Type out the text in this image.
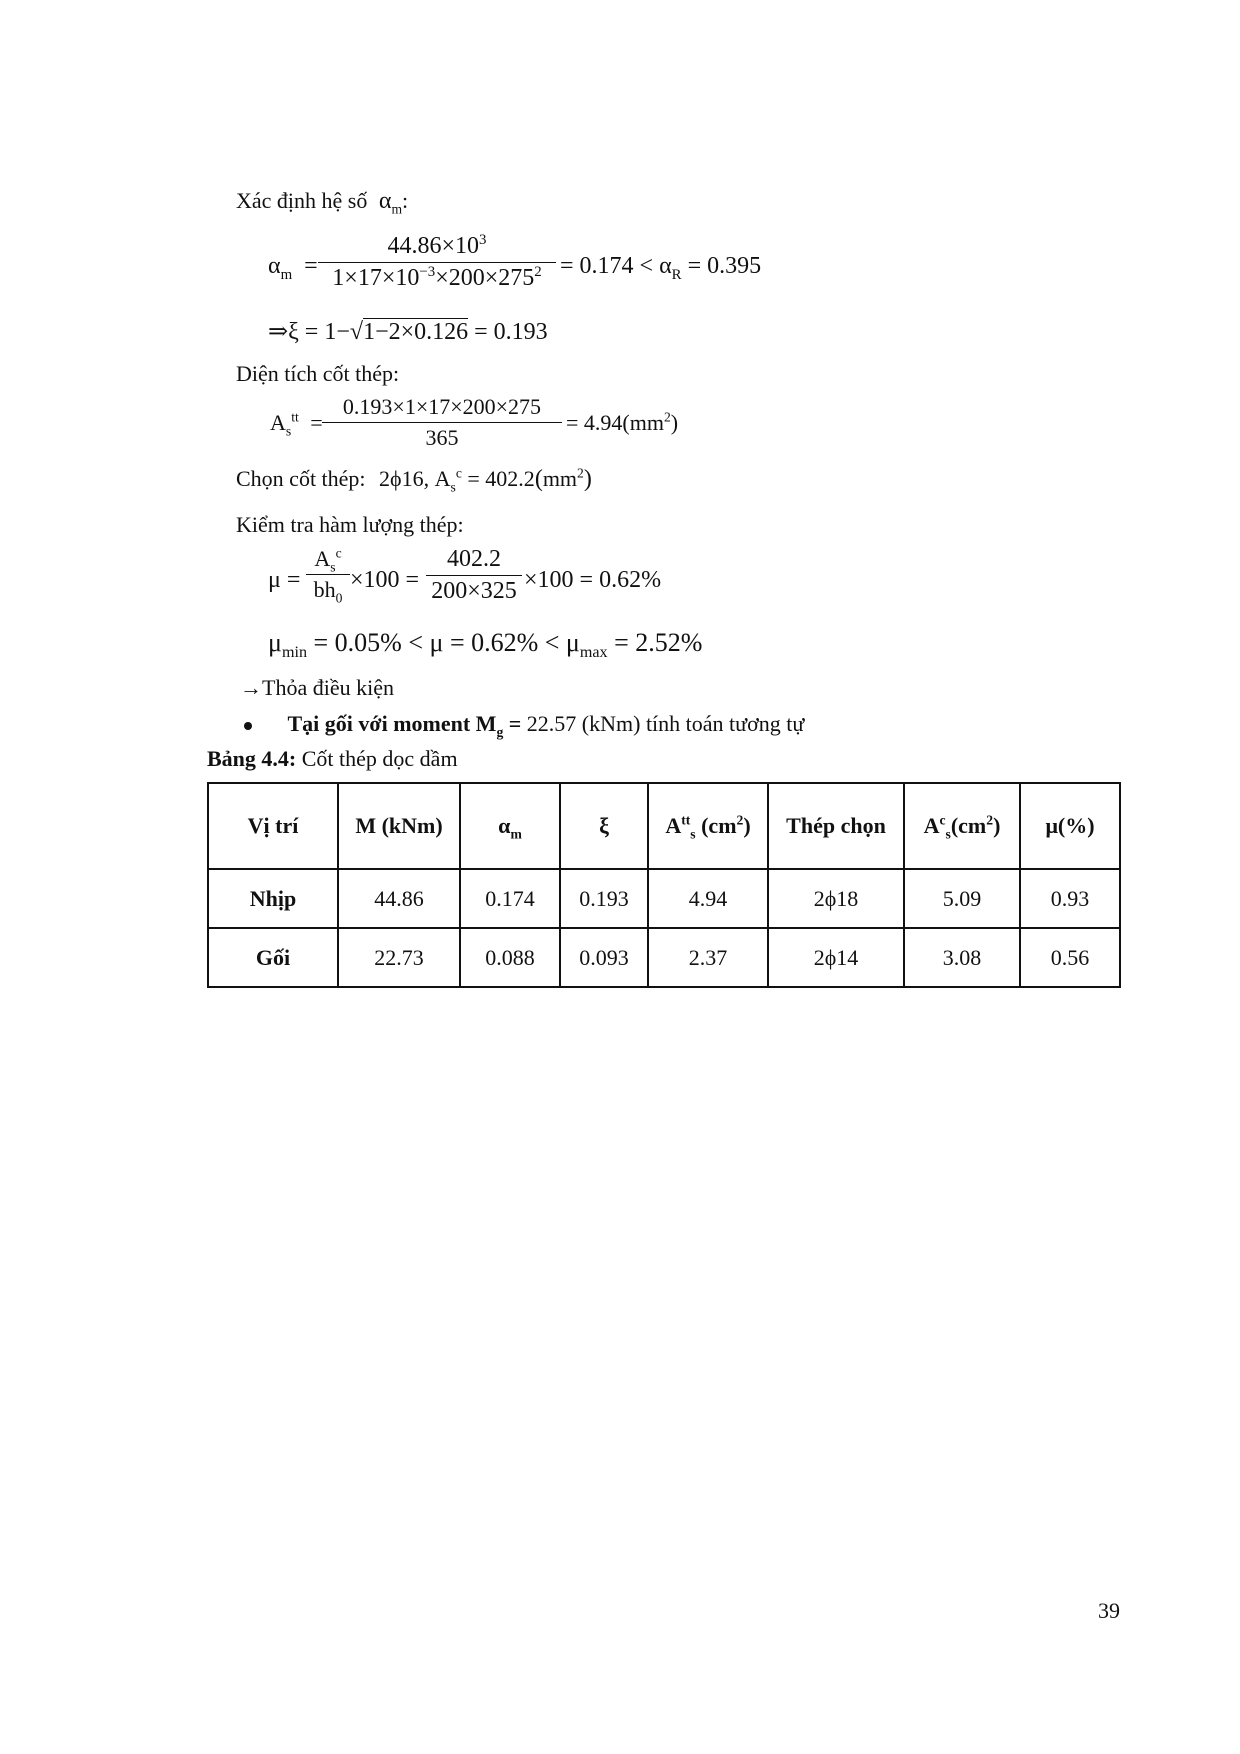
Xác định hệ số $\alpha_m$:
$\alpha_m$ =
$44.86\times 10^3$
$1\times 17\times 10^{-3}\times 200\times 275^2 = 0.174 < \alpha_R = 0.395$
⇒ξ = 1−√1−2×0.126 = 0.193
Diện tích cốt thép:
$A_s^{tt}$ =
0.193×1×17×200×275
365
= $4.94(mm^2)$
Chọn cốt thép: 2ϕ16, $A_s^c = 402.2(mm^2)$
Kiểm tra hàm lượng thép:
μ =
$A_s^c$
$bh_0$
×100 =
402.2
200×325 ×100 = 0.62%
$\mu_{min} = 0.05\% < \mu = 0.62\% < \mu_{max} = 2.52\%$
→Thỏa điều kiện
Tại gối với moment $M_g = 22.57$ (kNm) tính toán tương tự
Bảng 4.4: Cốt thép dọc dầm
Vị trí	M (kNm)	$\alpha_m$	ξ	$A^{tt}_s$ $(cm^2)$	Thép chọn	$A^c_s(cm^2)$	μ(%)
Nhịp	44.86	0.174	0.193	4.94	2ϕ18	5.09	0.93
Gối	22.73	0.088	0.093	2.37	2ϕ14	3.08	0.56
39
